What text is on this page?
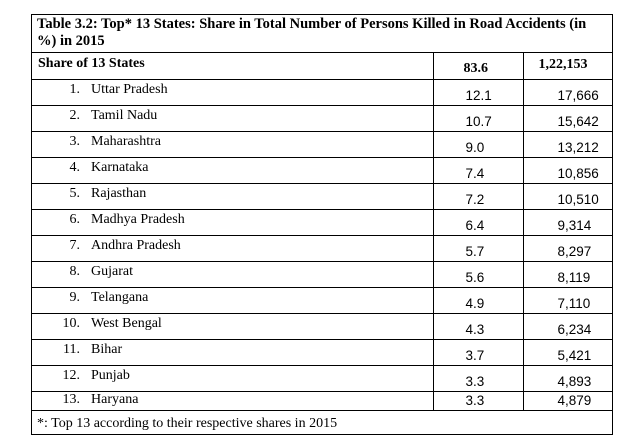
Table 3.2: Top* 13 States: Share in Total Number of Persons Killed in Road Accidents (in %) in 2015
Share of 13 States	83.6	1,22,153

1. Uttar Pradesh	12.1	17,666

2. Tamil Nadu	10.7	15,642

3. Maharashtra	9.0	13,212

4. Karnataka	7.4	10,856

5. Rajasthan	7.2	10,510

6. Madhya Pradesh	6.4	9,314

7. Andhra Pradesh	5.7	8,297

8. Gujarat	5.6	8,119

9. Telangana	4.9	7,110

10. West Bengal	4.3	6,234

11. Bihar	3.7	5,421

12. Punjab	3.3	4,893

13. Haryana	3.3	4,879
*: Top 13 according to their respective shares in 2015
